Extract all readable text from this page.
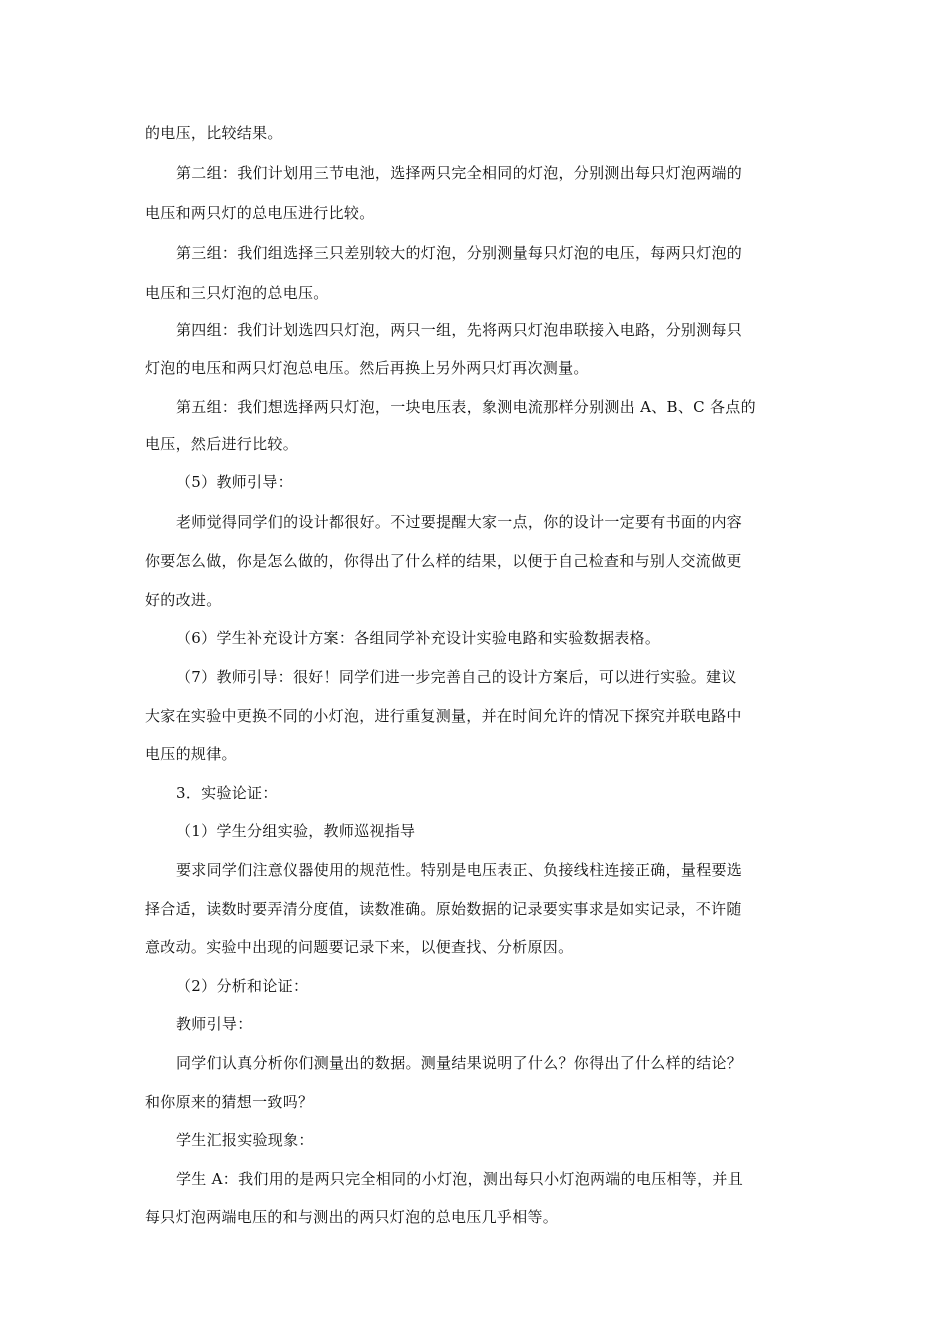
的电压，比较结果。
第二组：我们计划用三节电池，选择两只完全相同的灯泡，分别测出每只灯泡两端的
电压和两只灯的总电压进行比较。
第三组：我们组选择三只差别较大的灯泡，分别测量每只灯泡的电压，每两只灯泡的
电压和三只灯泡的总电压。
第四组：我们计划选四只灯泡，两只一组，先将两只灯泡串联接入电路，分别测每只
灯泡的电压和两只灯泡总电压。然后再换上另外两只灯再次测量。
第五组：我们想选择两只灯泡，一块电压表，象测电流那样分别测出 A、B、C 各点的
电压，然后进行比较。
（5）教师引导：
老师觉得同学们的设计都很好。不过要提醒大家一点，你的设计一定要有书面的内容
你要怎么做，你是怎么做的，你得出了什么样的结果，以便于自己检查和与别人交流做更
好的改进。
（6）学生补充设计方案：各组同学补充设计实验电路和实验数据表格。
（7）教师引导：很好！同学们进一步完善自己的设计方案后，可以进行实验。建议
大家在实验中更换不同的小灯泡，进行重复测量，并在时间允许的情况下探究并联电路中
电压的规律。
3．实验论证：
（1）学生分组实验，教师巡视指导
要求同学们注意仪器使用的规范性。特别是电压表正、负接线柱连接正确，量程要选
择合适，读数时要弄清分度值，读数准确。原始数据的记录要实事求是如实记录，不许随
意改动。实验中出现的问题要记录下来，以便查找、分析原因。
（2）分析和论证：
教师引导：
同学们认真分析你们测量出的数据。测量结果说明了什么？你得出了什么样的结论？
和你原来的猜想一致吗？
学生汇报实验现象：
学生 A：我们用的是两只完全相同的小灯泡，测出每只小灯泡两端的电压相等，并且
每只灯泡两端电压的和与测出的两只灯泡的总电压几乎相等。
